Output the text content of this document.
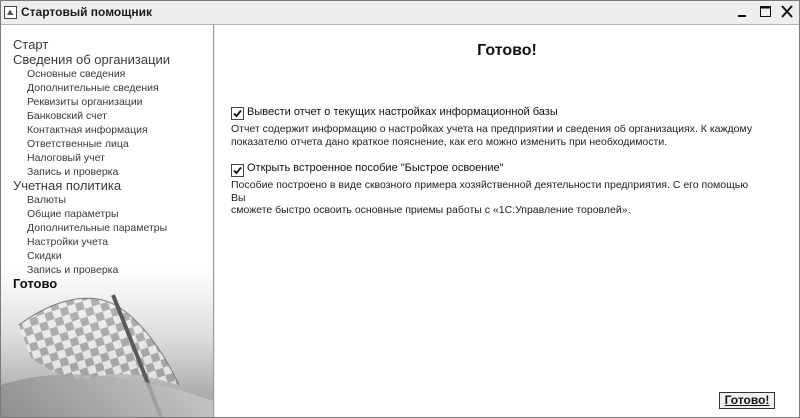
Стартовый помощник
Старт
Сведения об организации
Основные сведения
Дополнительные сведения
Реквизиты организации
Банковский счет
Контактная информация
Ответственные лица
Налоговый учет
Запись и проверка
Учетная политика
Валюты
Общие параметры
Дополнительные параметры
Настройки учета
Скидки
Запись и проверка
Готово
Готово!
Вывести отчет о текущих настройках информационной базы
Отчет содержит информацию о настройках учета на предприятии и сведения об организациях. К каждому
показателю отчета дано краткое пояснение, как его можно изменить при необходимости.
Открыть встроенное пособие "Быстрое освоение"
Пособие построено в виде сквозного примера хозяйственной деятельности предприятия. С его помощью Вы
сможете быстро освоить основные приемы работы с «1С:Управление торовлей».
Готово!
